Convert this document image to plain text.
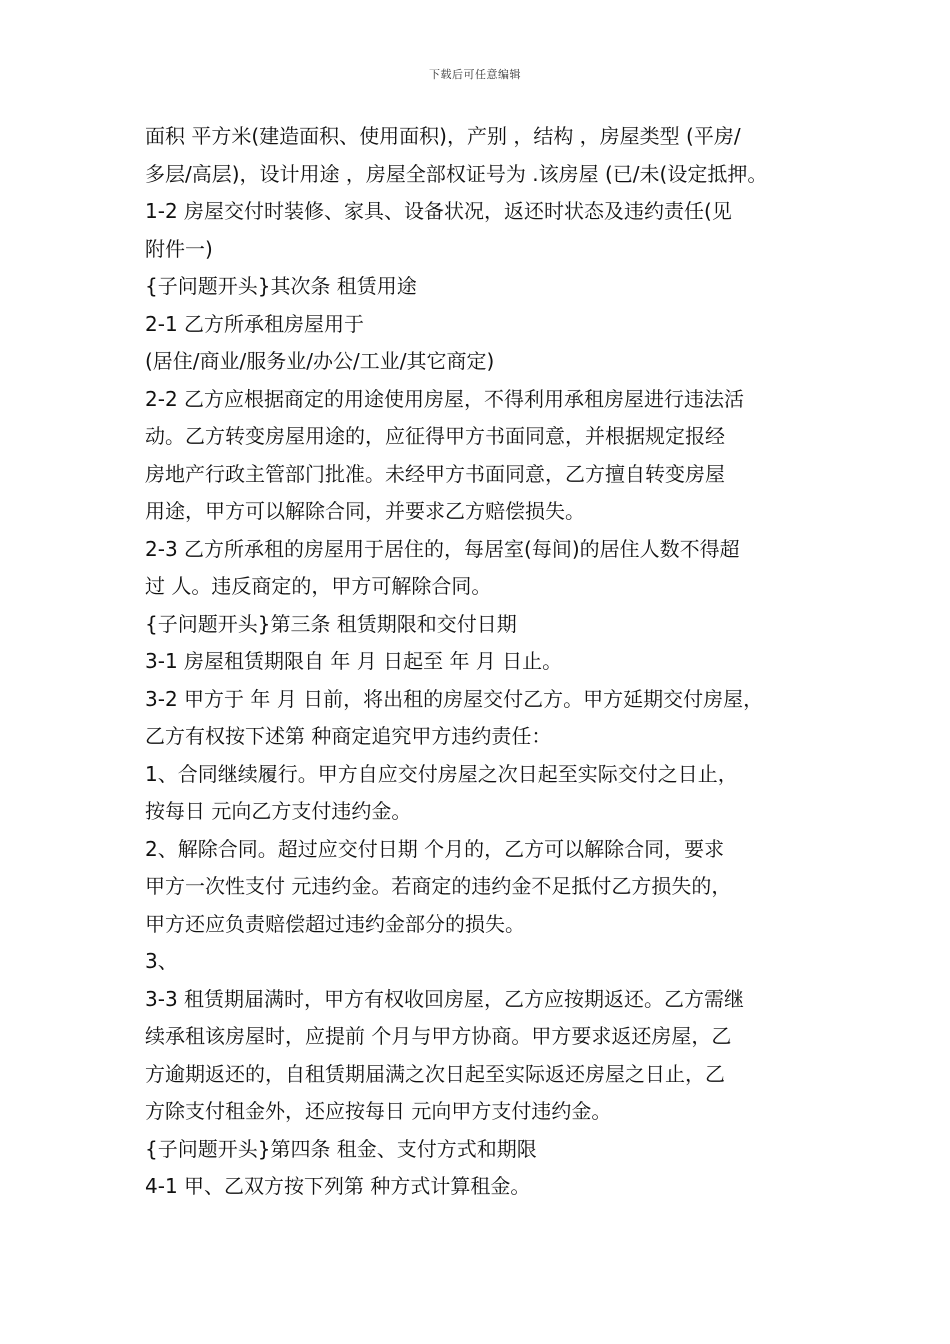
下载后可任意编辑
面积 平方米(建造面积、使用面积)，产别 ，结构 ，房屋类型 (平房/
多层/高层)，设计用途 ，房屋全部权证号为 .该房屋 (已/未(设定抵押。
1-2 房屋交付时装修、家具、设备状况，返还时状态及违约责任(见
附件一)
{子问题开头}其次条 租赁用途
2-1 乙方所承租房屋用于
(居住/商业/服务业/办公/工业/其它商定)
2-2 乙方应根据商定的用途使用房屋，不得利用承租房屋进行违法活
动。乙方转变房屋用途的，应征得甲方书面同意，并根据规定报经
房地产行政主管部门批准。未经甲方书面同意，乙方擅自转变房屋
用途，甲方可以解除合同，并要求乙方赔偿损失。
2-3 乙方所承租的房屋用于居住的，每居室(每间)的居住人数不得超
过 人。违反商定的，甲方可解除合同。
{子问题开头}第三条 租赁期限和交付日期
3-1 房屋租赁期限自 年 月 日起至 年 月 日止。
3-2 甲方于 年 月 日前，将出租的房屋交付乙方。甲方延期交付房屋，
乙方有权按下述第 种商定追究甲方违约责任：
1、合同继续履行。甲方自应交付房屋之次日起至实际交付之日止，
按每日 元向乙方支付违约金。
2、解除合同。超过应交付日期 个月的，乙方可以解除合同，要求
甲方一次性支付 元违约金。若商定的违约金不足抵付乙方损失的，
甲方还应负责赔偿超过违约金部分的损失。
3、
3-3 租赁期届满时，甲方有权收回房屋，乙方应按期返还。乙方需继
续承租该房屋时，应提前 个月与甲方协商。甲方要求返还房屋，乙
方逾期返还的，自租赁期届满之次日起至实际返还房屋之日止，乙
方除支付租金外，还应按每日 元向甲方支付违约金。
{子问题开头}第四条 租金、支付方式和期限
4-1 甲、乙双方按下列第 种方式计算租金。
